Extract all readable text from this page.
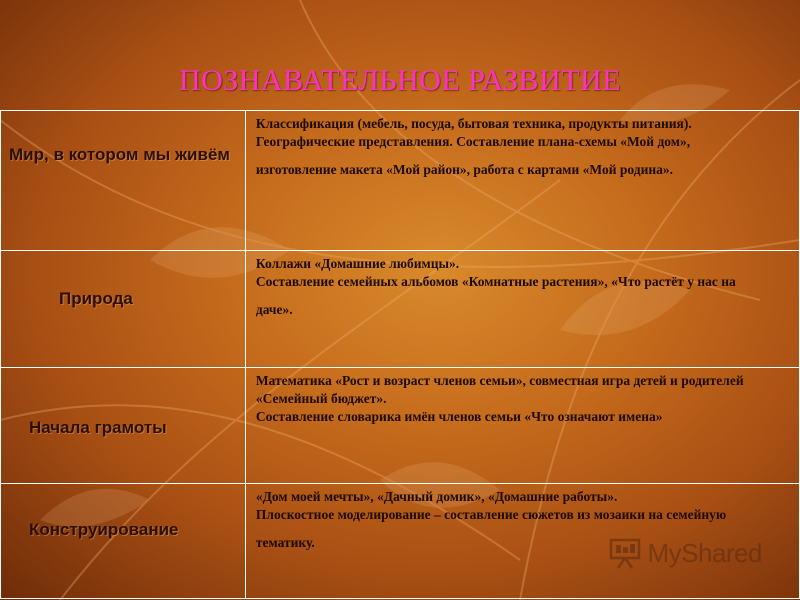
ПОЗНАВАТЕЛЬНОЕ РАЗВИТИЕ
Мир, в котором мы живём	Классификация (мебель, посуда, бытовая техника, продукты питания).
Географические представления. Составление плана-схемы «Мой дом»,
изготовление макета «Мой район», работа с картами «Мой родина».

Природа	Коллажи «Домашние любимцы».
Составление семейных альбомов «Комнатные растения», «Что растёт у нас на
даче».

Начала грамоты	Математика «Рост и возраст членов семьи», совместная игра детей и родителей
«Семейный бюджет».
Составление словарика имён членов семьи «Что означают имена»

Конструирование	«Дом моей мечты», «Дачный домик», «Домашние работы».
Плоскостное моделирование – составление сюжетов из мозаики на семейную
тематику.	MyShared
